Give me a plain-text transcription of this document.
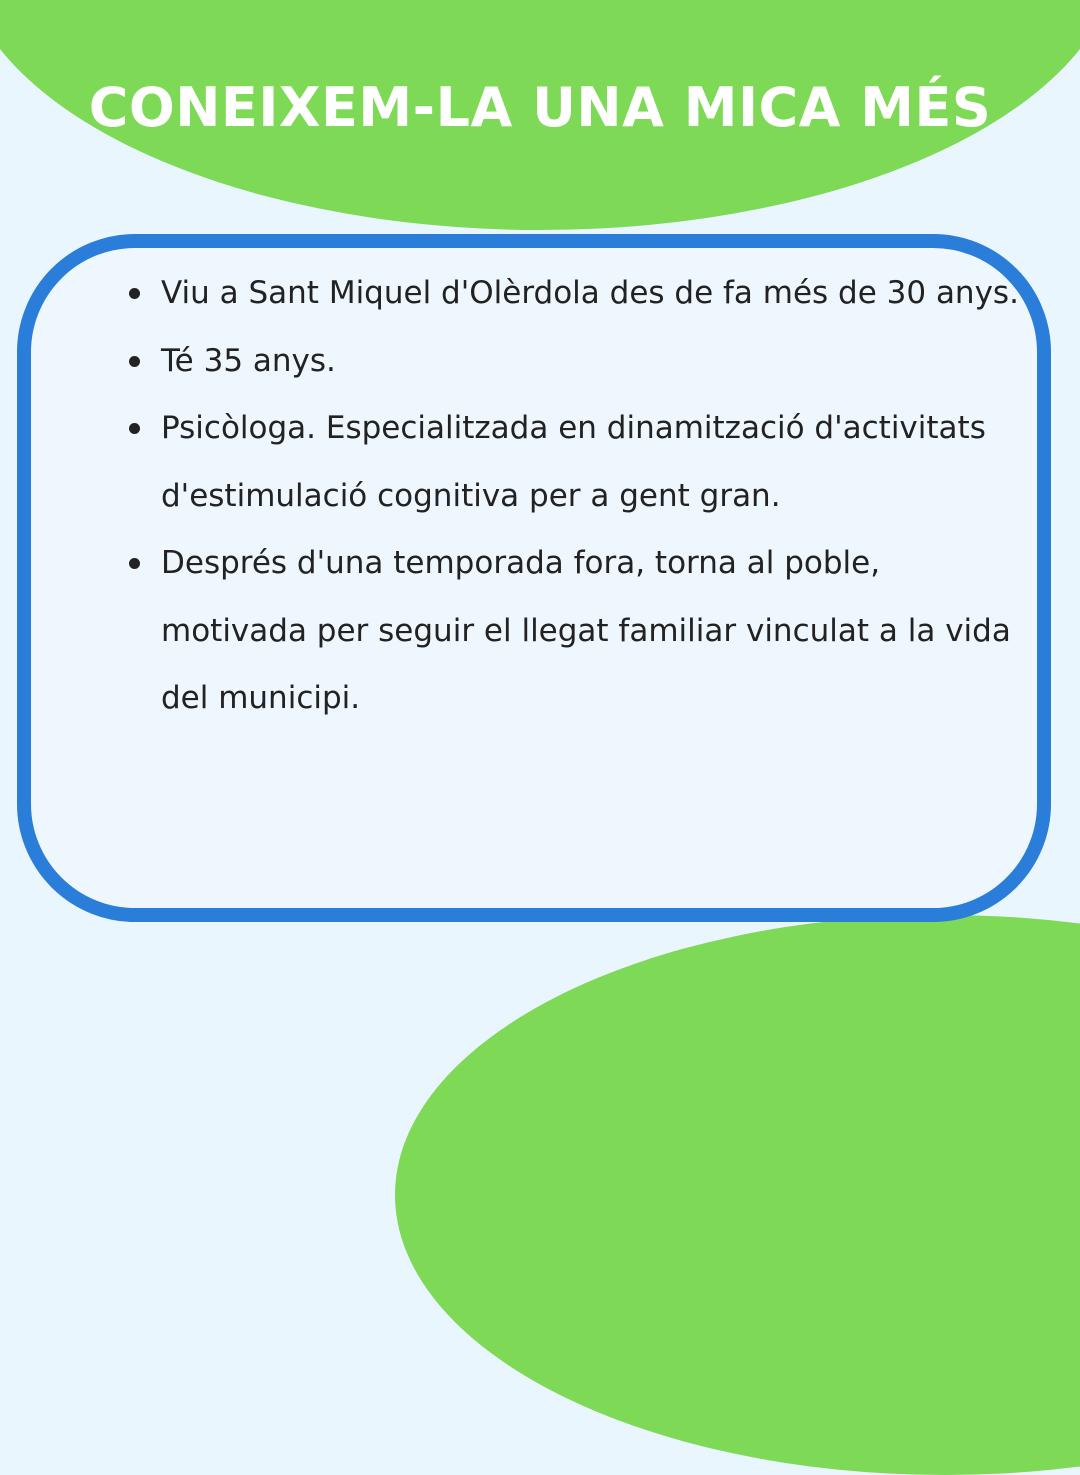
CONEIXEM-LA UNA MICA MÉS
Viu a Sant Miquel d'Olèrdola des de fa més de 30 anys.
Té 35 anys.
Psicòloga. Especialitzada en dinamització d'activitats d'estimulació cognitiva per a gent gran.
Després d'una temporada fora, torna al poble, motivada per seguir el llegat familiar vinculat a la vida del municipi.
